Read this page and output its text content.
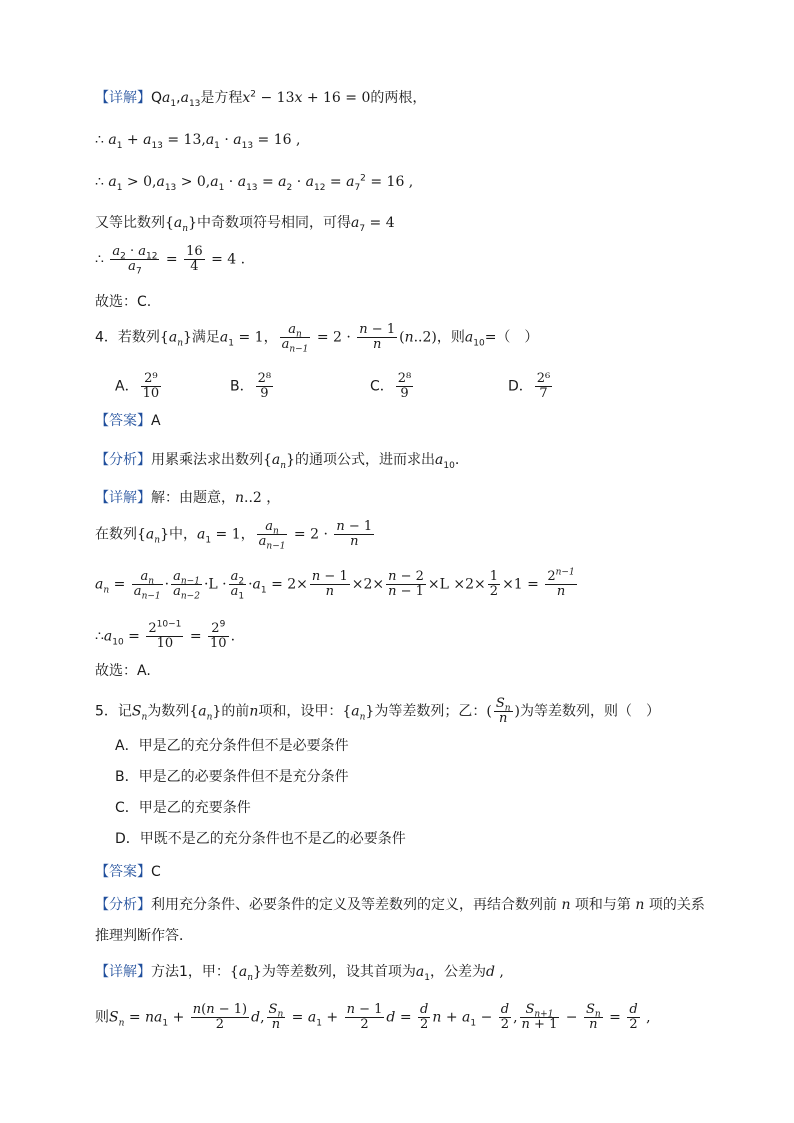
【详解】$Qa_1,a_{13}$是方程$x^2 - 13x + 16 = 0$的两根，
∴ $a_1 + a_{13} = 13,a_1 \cdot a_{13} = 16$ ,
∴ $a_1 > 0,a_{13} > 0,a_1 \cdot a_{13} = a_2 \cdot a_{12} = a_7^2 = 16$ ,
又等比数列$\{a_n\}$中奇数项符号相同，可得$a_7 = 4$
∴ $\frac{a_2 \cdot a_{12}}{a_7} = \frac{16}{4} = 4$ .
故选：C.
4．若数列$\{a_n\}$满足$a_1 = 1$， $\frac{a_n}{a_{n-1}} = 2 \cdot \frac{n - 1}{n} (n..2)$，则$a_{10}=$（　）
A． $\frac{\text{2⁹}}{10}$	B． $\frac{\text{2⁸}}{9}$	C． $\frac{\text{2⁸}}{9}$	D． $\frac{\text{2⁶}}{7}$
【答案】A
【分析】用累乘法求出数列$\{a_n\}$的通项公式，进而求出$a_{10}$.
【详解】解：由题意，n..2 ，
在数列$\{a_n\}$中，$a_1 = 1$， $\frac{a_n}{a_{n-1}} = 2 \cdot \frac{n - 1}{n}$
$a_n = \frac{a_n}{a_{n-1}} \cdot \frac{a_{n-1}}{a_{n-2}} \cdot L \cdot \frac{a_2}{a_1} \cdot a_1 = 2\times \frac{n - 1}{n} \times 2\times \frac{n - 2}{n - 1} \times L \times 2\times \frac{1}{2} \times 1 = \frac{2^{n-1}}{n}$
$\therefore a_{10} = \frac{2^{10-1}}{10} = \frac{2^9}{10}$ .
故选：A.
5．记$S_n$为数列$\{a_n\}$的前n项和，设甲：$\{a_n\}$为等差数列；乙：( $\frac{S_n}{n}$ )为等差数列，则（　）
A．甲是乙的充分条件但不是必要条件
B．甲是乙的必要条件但不是充分条件
C．甲是乙的充要条件
D．甲既不是乙的充分条件也不是乙的必要条件
【答案】C
【分析】利用充分条件、必要条件的定义及等差数列的定义，再结合数列前 n 项和与第 n 项的关系
推理判断作答．
【详解】方法1，甲：$\{a_n\}$为等差数列，设其首项为$a_1$，公差为d ,
则$S_n = na_1 + \frac{n(n - 1)}{2} d$, $\frac{S_n}{n} = a_1 + \frac{n - 1}{2}$ $d = \frac{d}{2}$ $n + a_1 - \frac{d}{2}$ , $\frac{S_{n+1}}{n + 1} - \frac{S_n}{n} = \frac{d}{2}$ ,
